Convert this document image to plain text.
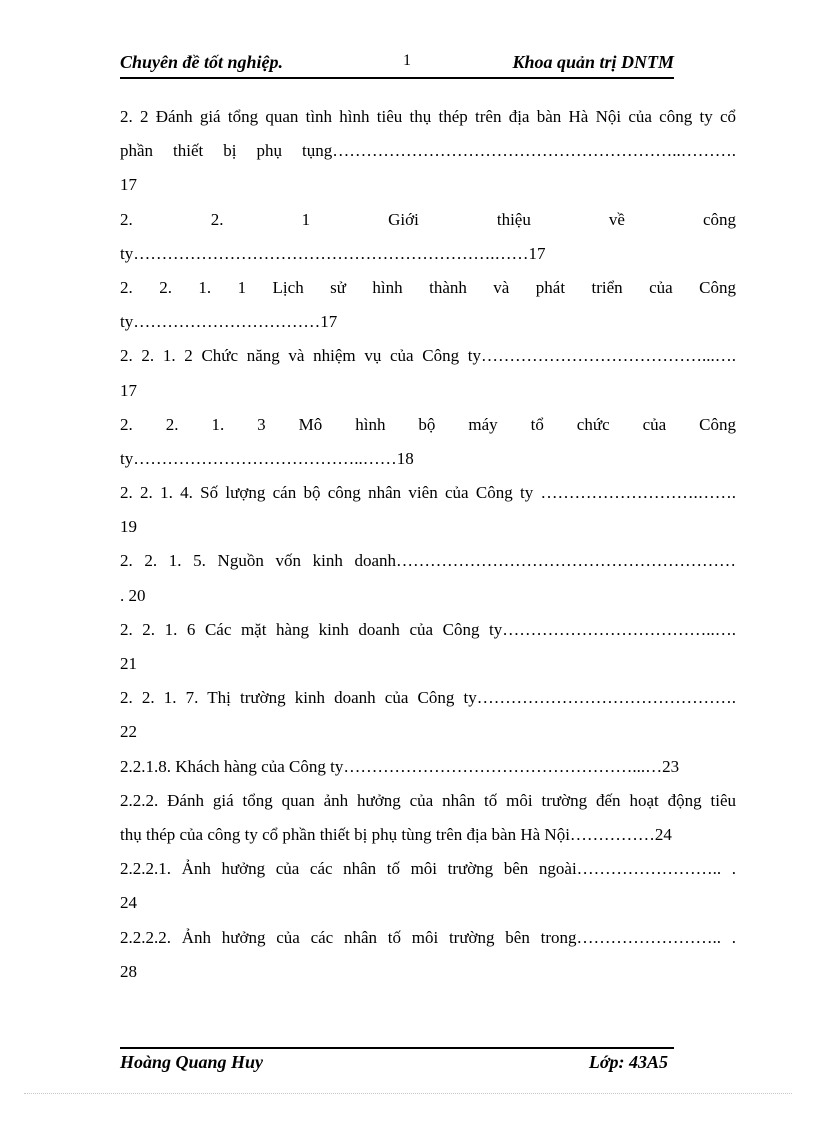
Chuyên đề tốt nghiệp.	1	Khoa quản trị DNTM
2. 2 Đánh giá tổng quan tình hình tiêu thụ thép trên địa bàn Hà Nội của công ty cổ
phần thiết bị phụ tụng……………………………………………………..……….
17
2. 2. 1 Giới thiệu về công
ty……………………………………………………….……17
2. 2. 1. 1 Lịch sử hình thành và phát triển của Công
ty……………………………17
2. 2. 1. 2 Chức năng và nhiệm vụ của Công ty…………………………………...….
17
2. 2. 1. 3 Mô hình bộ máy tổ chức của Công
ty…………………………………..……18
2. 2. 1. 4. Số lượng cán bộ công nhân viên của Công ty ……………………….…….
19
2. 2. 1. 5. Nguồn vốn kinh doanh……………………………………………………
. 20
2. 2. 1. 6 Các mặt hàng kinh doanh của Công ty………………………………..….
21
2. 2. 1. 7. Thị trường kinh doanh của Công ty……………………………………….
22
2.2.1.8. Khách hàng của Công ty……………………………………………...…23
2.2.2. Đánh giá tổng quan ảnh hưởng của nhân tố môi trường đến hoạt động tiêu
thụ thép của công ty cổ phần thiết bị phụ tùng trên địa bàn Hà Nội……………24
2.2.2.1. Ảnh hưởng của các nhân tố môi trường bên ngoài…………………….. .
24
2.2.2.2. Ảnh hưởng của các nhân tố môi trường bên trong…………………….. .
28
Hoàng Quang Huy	Lớp: 43A5
